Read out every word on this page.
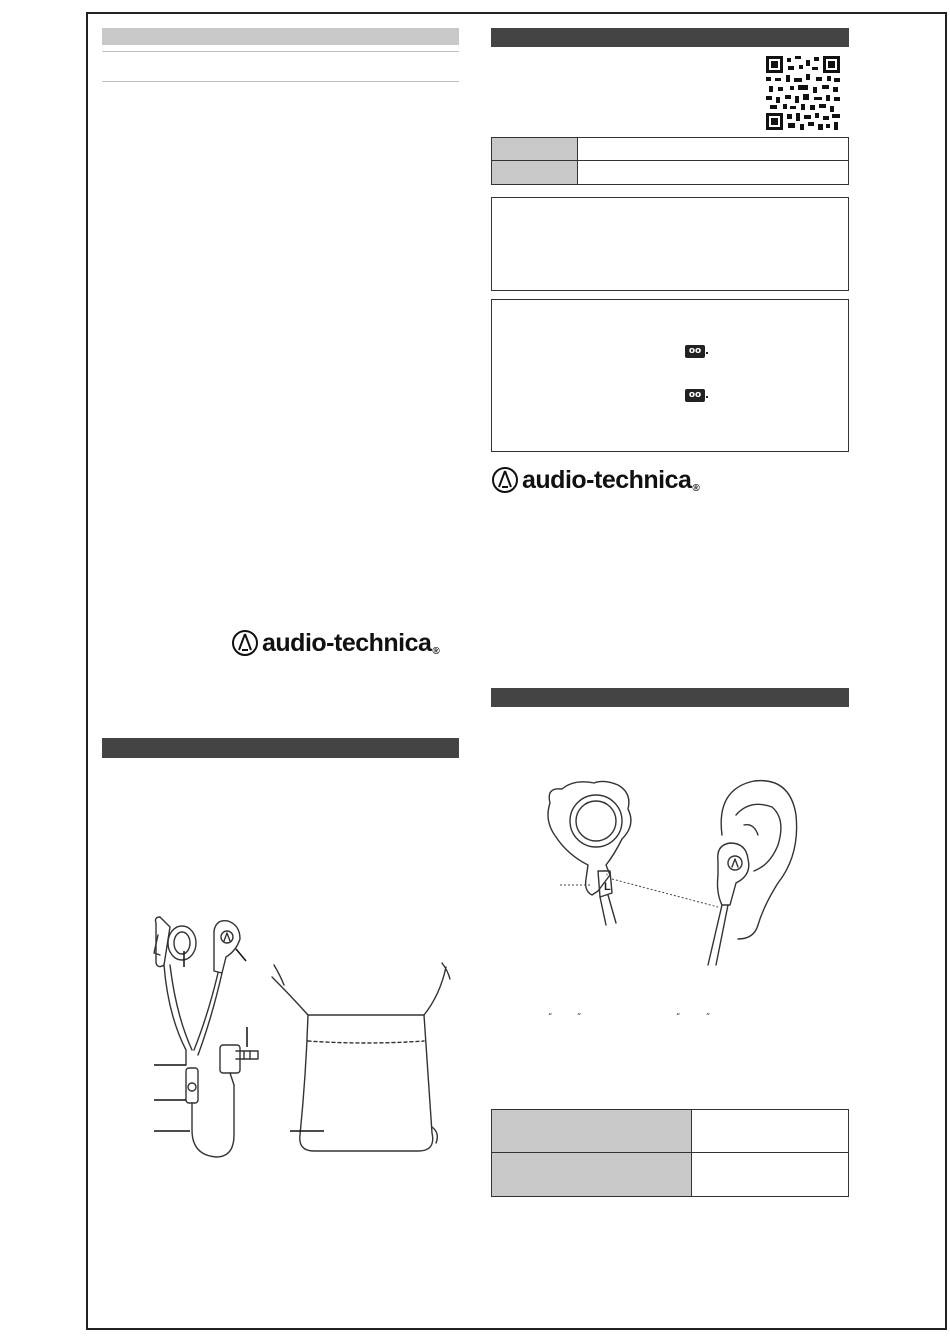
audio-technica ®
oo
oo
audio-technica ®
°
L
“	”	“	”
